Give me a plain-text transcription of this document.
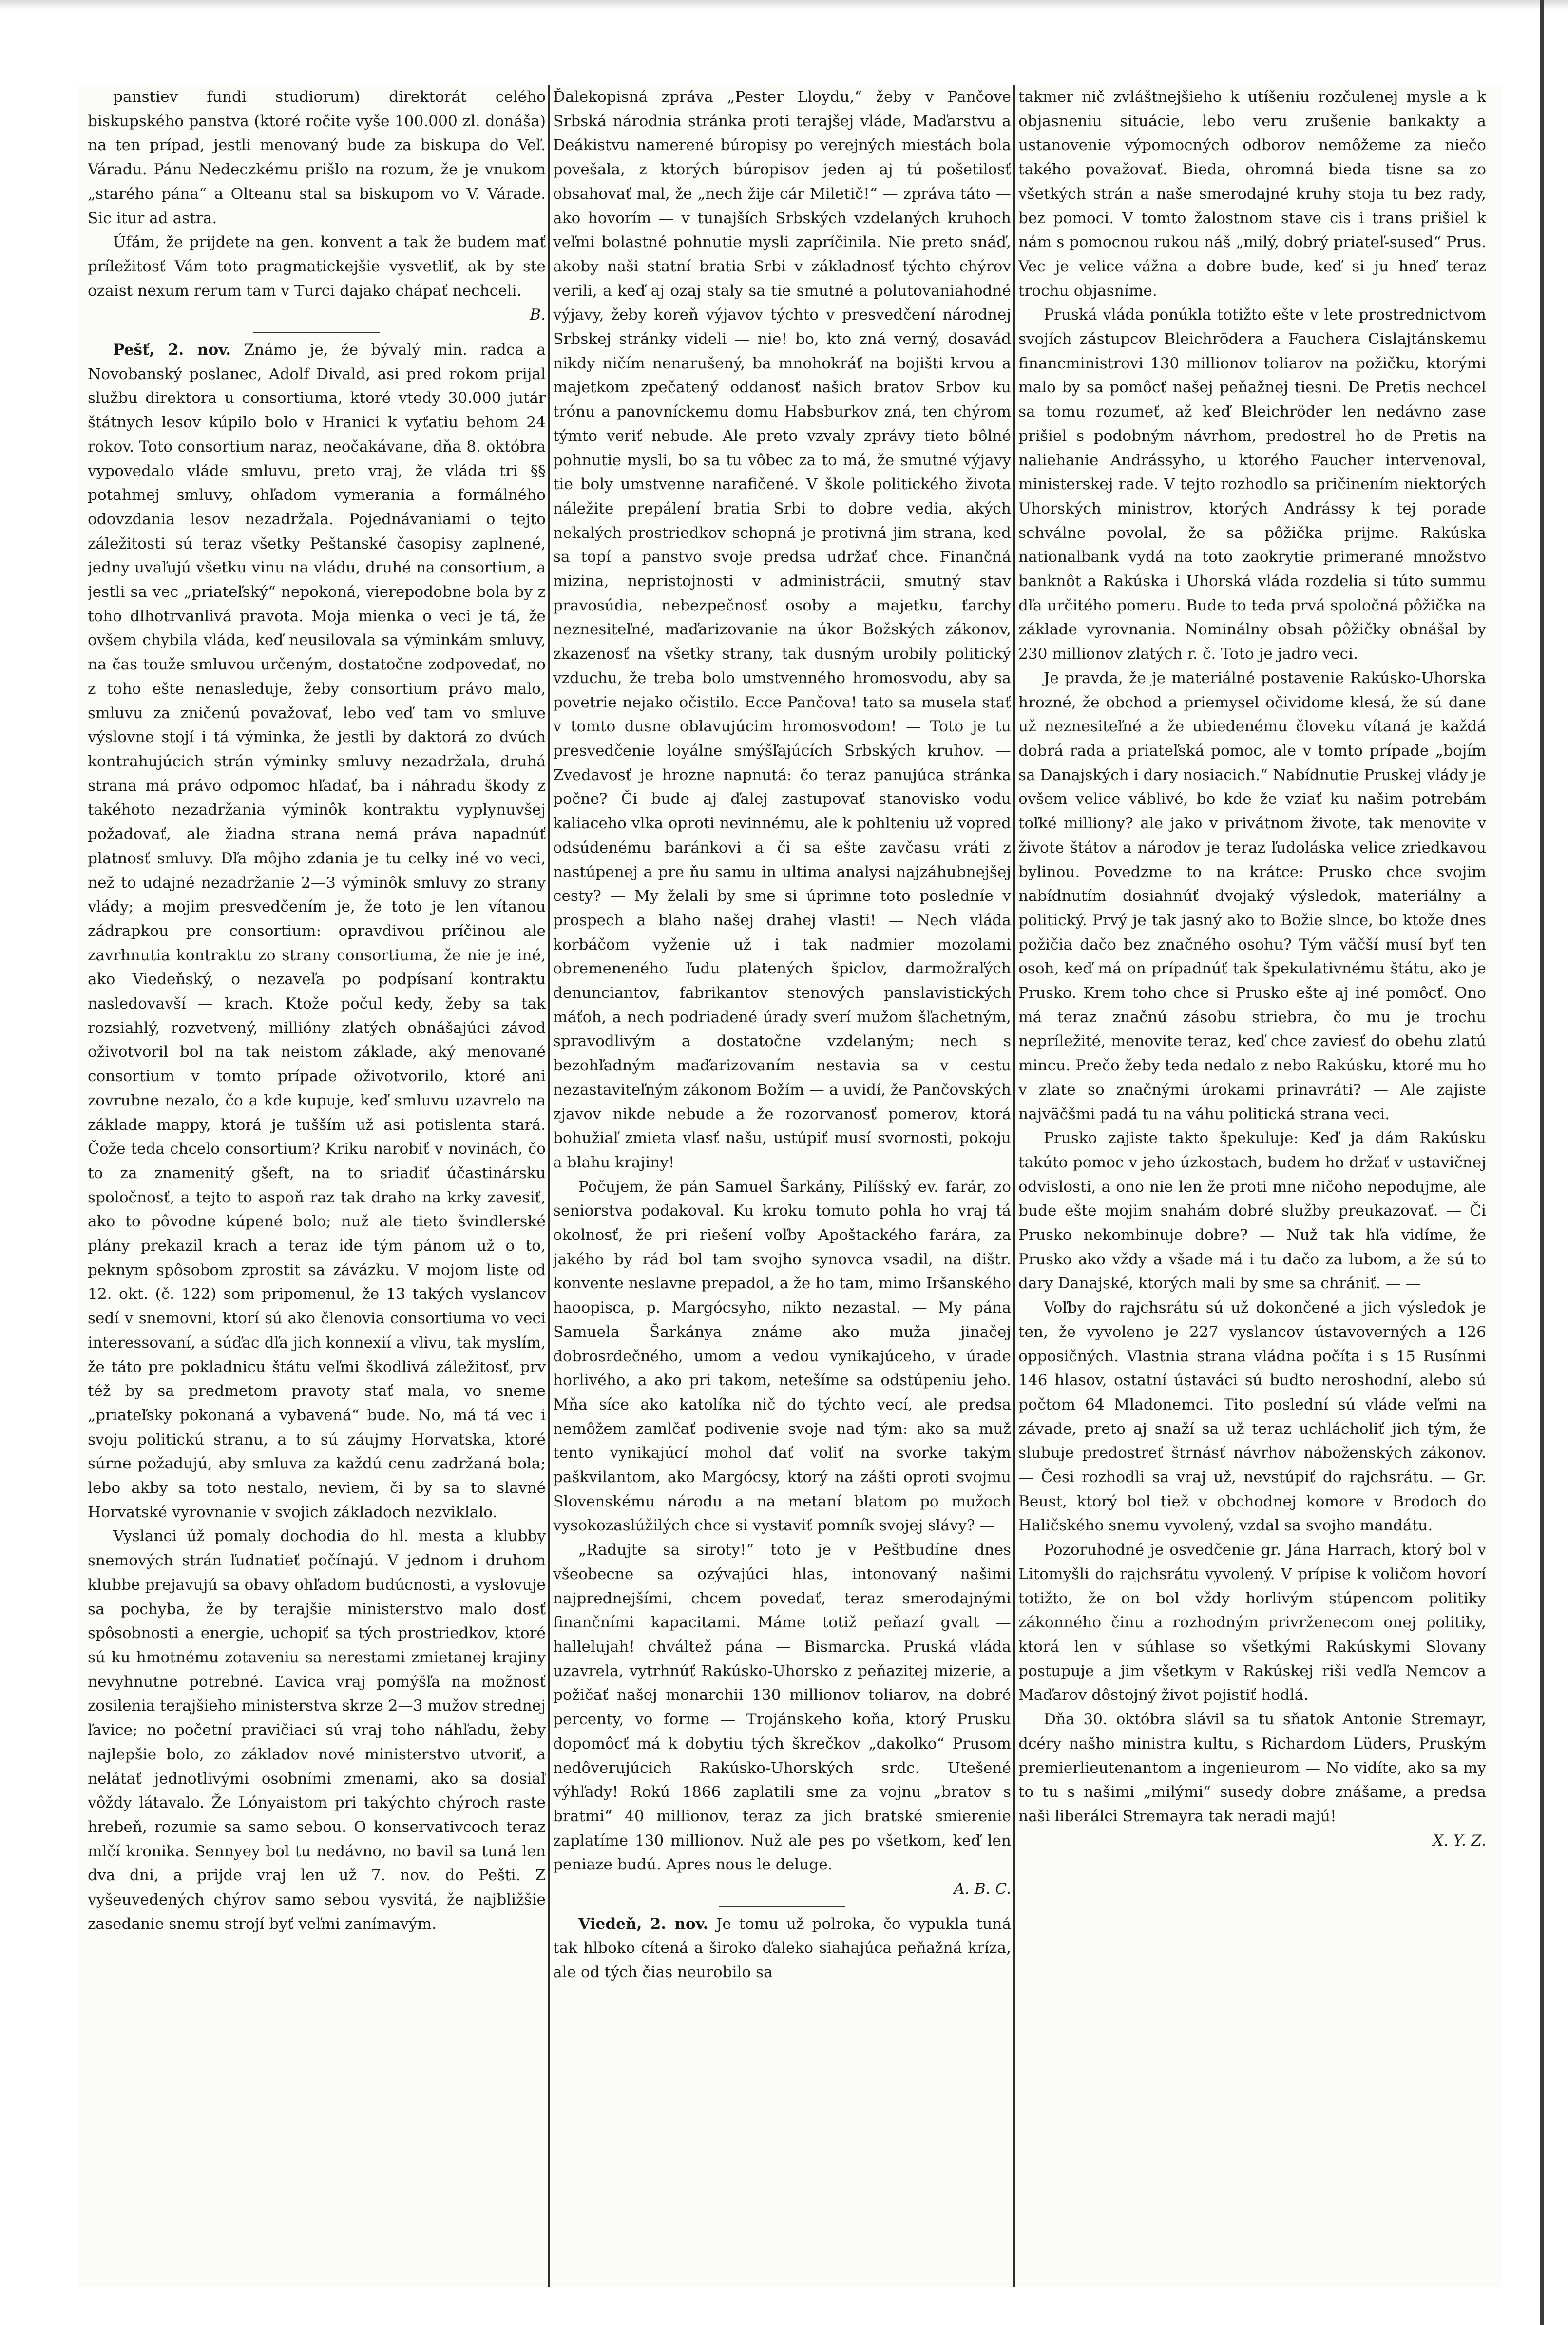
panstiev fundi studiorum) direktorát celého biskupského panstva (ktoré ročite vyše 100.000 zl. donáša) na ten prípad, jestli menovaný bude za biskupa do Veľ. Váradu. Pánu Nedeczkému prišlo na rozum, že je vnukom „starého pána“ a Olteanu stal sa biskupom vo V. Várade. Sic itur ad astra.

Úfám, že prijdete na gen. konvent a tak že budem mať príležitosť Vám toto pragmatickejšie vysvetliť, ak by ste ozaist nexum rerum tam v Turci dajako chápať nechceli.

B.

Pešť, 2. nov. Známo je, že bývalý min. radca a Novobanský poslanec, Adolf Divald, asi pred rokom prijal službu direktora u consortiuma, ktoré vtedy 30.000 jutár štátnych lesov kúpilo bolo v Hranici k vyťatiu behom 24 rokov. Toto consortium naraz, neočakávane, dňa 8. októbra vypovedalo vláde smluvu, preto vraj, že vláda tri §§ potahmej smluvy, ohľadom vymerania a formálného odovzdania lesov nezadržala. Pojednávaniami o tejto záležitosti sú teraz všetky Peštanské časopisy zaplnené, jedny uvaľujú všetku vinu na vládu, druhé na consortium, a jestli sa vec „priateľský“ nepokoná, vierepodobne bola by z toho dlhotrvanlivá pravota. Moja mienka o veci je tá, že ovšem chybila vláda, keď neusilovala sa výminkám smluvy, na čas touže smluvou určeným, dostatočne zodpovedať, no z toho ešte nenasleduje, žeby consortium právo malo, smluvu za zničenú považovať, lebo veď tam vo smluve výslovne stojí i tá výminka, že jestli by daktorá zo dvúch kontrahujúcich strán výminky smluvy nezadržala, druhá strana má právo odpomoc hľadať, ba i náhradu škody z takéhoto nezadržania výminôk kontraktu vyplynuvšej požadovať, ale žiadna strana nemá práva napadnúť platnosť smluvy. Dľa môjho zdania je tu celky iné vo veci, než to udajné nezadržanie 2—3 výminôk smluvy zo strany vlády; a mojim presvedčením je, že toto je len vítanou zádrapkou pre consortium: opravdivou príčinou ale zavrhnutia kontraktu zo strany consortiuma, že nie je iné, ako Viedeňský, o nezaveľa po podpísaní kontraktu nasledovavší — krach. Ktože počul kedy, žeby sa tak rozsiahlý, rozvetvený, millióny zlatých obnášajúci závod oživotvoril bol na tak neistom základe, aký menované consortium v tomto prípade oživotvorilo, ktoré ani zovrubne nezalo, čo a kde kupuje, keď smluvu uzavrelo na základe mappy, ktorá je tušším už asi potislenta stará. Čože teda chcelo consortium? Kriku narobiť v novinách, čo to za znamenitý gšeft, na to sriadiť účastinársku spoločnosť, a tejto to aspoň raz tak draho na krky zavesiť, ako to pôvodne kúpené bolo; nuž ale tieto švindlerské plány prekazil krach a teraz ide tým pánom už o to, peknym spôsobom zprostit sa závázku. V mojom liste od 12. okt. (č. 122) som pripomenul, že 13 takých vyslancov sedí v snemovni, ktorí sú ako členovia consortiuma vo veci interessovaní, a súďac dľa jich konnexií a vlivu, tak myslím, že táto pre pokladnicu štátu veľmi škodlivá záležitosť, prv též by sa predmetom pravoty stať mala, vo sneme „priateľsky pokonaná a vybavená“ bude. No, má tá vec i svoju politickú stranu, a to sú záujmy Horvatska, ktoré súrne požadujú, aby smluva za každú cenu zadržaná bola; lebo akby sa toto nestalo, neviem, či by sa to slavné Horvatské vyrovnanie v svojich základoch nezviklalo.

Vyslanci úž pomaly dochodia do hl. mesta a klubby snemových strán ľudnatieť počínajú. V jednom i druhom klubbe prejavujú sa obavy ohľadom budúcnosti, a vyslovuje sa pochyba, že by terajšie ministerstvo malo dosť spôsobnosti a energie, uchopiť sa tých prostriedkov, ktoré sú ku hmotnému zotaveniu sa nerestami zmietanej krajiny nevyhnutne potrebné. Ľavica vraj pomýšľa na možnosť zosilenia terajšieho ministerstva skrze 2—3 mužov strednej ľavice; no početní pravičiaci sú vraj toho náhľadu, žeby najlepšie bolo, zo základov nové ministerstvo utvoriť, a nelátať jednotlivými osobními zmenami, ako sa dosiaľ vôždy látavalo. Že Lónyaistom pri takýchto chýroch raste hrebeň, rozumie sa samo sebou. O konservativcoch teraz mlčí kronika. Sennyey bol tu nedávno, no bavil sa tuná len dva dni, a prijde vraj len už 7. nov. do Pešti. Z vyšeuvedených chýrov samo sebou vysvitá, že najbližšie zasedanie snemu strojí byť veľmi zanímavým.

Ďalekopisná zpráva „Pester Lloydu,“ žeby v Pančove Srbská národnia stránka proti terajšej vláde, Maďarstvu a Deákistvu namerené búropisy po verejných miestách bola povešala, z ktorých búropisov jeden aj tú pošetilosť obsahovať mal, že „nech žije cár Miletič!“ — zpráva táto — ako hovorím — v tunajších Srbských vzdelaných kruhoch veľmi bolastné pohnutie mysli zapríčinila. Nie preto snáď, akoby naši statní bratia Srbi v základnosť týchto chýrov verili, a keď aj ozaj staly sa tie smutné a polutovaniahodné výjavy, žeby koreň výjavov týchto v presvedčení národnej Srbskej stránky videli — nie! bo, kto zná verný, dosavád nikdy ničím nenarušený, ba mnohokráť na bojišti krvou a majetkom zpečatený oddanosť našich bratov Srbov ku trónu a panovníckemu domu Habsburkov zná, ten chýrom týmto veriť nebude. Ale preto vzvaly zprávy tieto bôlné pohnutie mysli, bo sa tu vôbec za to má, že smutné výjavy tie boly umstvenne narafičené. V škole politického života náležite prepálení bratia Srbi to dobre vedia, akých nekalých prostriedkov schopná je protivná jim strana, keď sa topí a panstvo svoje predsa udržať chce. Finančná mizina, nepristojnosti v administrácii, smutný stav pravosúdia, nebezpečnosť osoby a majetku, ťarchy neznesiteľné, maďarizovanie na úkor Božských zákonov, zkazenosť na všetky strany, tak dusným urobily politický vzduchu, že treba bolo umstvenného hromosvodu, aby sa povetrie nejako očistilo. Ecce Pančova! tato sa musela stať v tomto dusne oblavujúcim hromosvodom! — Toto je tu presvedčenie loyálne smýšľajúcích Srbských kruhov. — Zvedavosť je hrozne napnutá: čo teraz panujúca stránka počne? Či bude aj ďalej zastupovať stanovisko vodu kaliaceho vlka oproti nevinnému, ale k pohlteniu už vopred odsúdenému baránkovi a či sa ešte zavčasu vráti z nastúpenej a pre ňu samu in ultima analysi najzáhubnejšej cesty? — My želali by sme si úprimne toto posledníe v prospech a blaho našej drahej vlasti! — Nech vláda korbáčom vyženie už i tak nadmier mozolami obremeneného ľudu platených špiclov, darmožraľých denunciantov, fabrikantov stenových panslavistických máťoh, a nech podriadené úrady sverí mužom šľachetným, spravodlivým a dostatočne vzdelaným; nech s bezohľadným maďarizovaním nestavia sa v cestu nezastaviteľným zákonom Božím — a uvidí, že Pančovských zjavov nikde nebude a že rozorvanosť pomerov, ktorá bohužiaľ zmieta vlasť našu, ustúpiť musí svornosti, pokoju a blahu krajiny!

Počujem, že pán Samuel Šarkány, Pilíšský ev. farár, zo seniorstva podakoval. Ku kroku tomuto pohla ho vraj tá okolnosť, že pri riešení voľby Apoštackého farára, za jakého by rád bol tam svojho synovca vsadil, na dištr. konvente neslavne prepadol, a že ho tam, mimo Iršanského haoopisca, p. Margócsyho, nikto nezastal. — My pána Samuela Šarkánya známe ako muža jinačej dobrosrdečného, umom a vedou vynikajúceho, v úrade horlivého, a ako pri takom, netešíme sa odstúpeniu jeho. Mňa síce ako katolíka nič do týchto vecí, ale predsa nemôžem zamlčať podivenie svoje nad tým: ako sa muž tento vynikajúcí mohol dať voliť na svorke takým paškvilantom, ako Margócsy, ktorý na zášti oproti svojmu Slovenskému národu a na metaní blatom po mužoch vysokozaslúžilých chce si vystaviť pomník svojej slávy? —

„Radujte sa siroty!“ toto je v Peštbudíne dnes všeobecne sa ozývajúci hlas, intonovaný našimi najprednejšími, chcem povedať, teraz smerodajnými finančními kapacitami. Máme totiž peňazí gvalt — hallelujah! chváltež pána — Bismarcka. Pruská vláda uzavrela, vytrhnúť Rakúsko-Uhorsko z peňazitej mizerie, a požičať našej monarchii 130 millionov toliarov, na dobré percenty, vo forme — Trojánskeho koňa, ktorý Prusku dopomôcť má k dobytiu tých škrečkov „dakolko“ Prusom nedôverujúcich Rakúsko-Uhorských srdc. Utešené výhľady! Rokú 1866 zaplatili sme za vojnu „bratov s bratmi“ 40 millionov, teraz za jich bratské smierenie zaplatíme 130 millionov. Nuž ale pes po všetkom, keď len peniaze budú. Apres nous le deluge.

A. B. C.

Viedeň, 2. nov. Je tomu už polroka, čo vypukla tuná tak hlboko cítená a široko ďaleko siahajúca peňažná kríza, ale od tých čias neurobilo sa

takmer nič zvláštnejšieho k utíšeniu rozčulenej mysle a k objasneniu situácie, lebo veru zrušenie bankakty a ustanovenie výpomocných odborov nemôžeme za niečo takého považovať. Bieda, ohromná bieda tisne sa zo všetkých strán a naše smerodajné kruhy stoja tu bez rady, bez pomoci. V tomto žalostnom stave cis i trans prišiel k nám s pomocnou rukou náš „milý, dobrý priateľ-sused“ Prus. Vec je velice vážna a dobre bude, keď si ju hneď teraz trochu objasníme.

Pruská vláda ponúkla totižto ešte v lete prostrednictvom svojích zástupcov Bleichrödera a Fauchera Cislajtánskemu financministrovi 130 millionov toliarov na požičku, ktorými malo by sa pomôcť našej peňažnej tiesni. De Pretis nechcel sa tomu rozumeť, až keď Bleichröder len nedávno zase prišiel s podobným návrhom, predostrel ho de Pretis na naliehanie Andrássyho, u ktorého Faucher intervenoval, ministerskej rade. V tejto rozhodlo sa pričinením niektorých Uhorských ministrov, ktorých Andrássy k tej porade schválne povolal, že sa pôžička prijme. Rakúska nationalbank vydá na toto zaokrytie primerané množstvo banknôt a Rakúska i Uhorská vláda rozdelia si túto summu dľa určitého pomeru. Bude to teda prvá spoločná pôžička na základe vyrovnania. Nominálny obsah pôžičky obnášal by 230 millionov zlatých r. č. Toto je jadro veci.

Je pravda, že je materiálné postavenie Rakúsko-Uhorska hrozné, že obchod a priemysel očividome klesá, že sú dane už neznesiteľné a že ubiedenému človeku vítaná je každá dobrá rada a priateľská pomoc, ale v tomto prípade „bojím sa Danajských i dary nosiacich.“ Nabídnutie Pruskej vlády je ovšem velice váblivé, bo kde že vziať ku našim potrebám toľké milliony? ale jako v privátnom živote, tak menovite v živote štátov a národov je teraz ľudoláska velice zriedkavou bylinou. Povedzme to na krátce: Prusko chce svojim nabídnutím dosiahnúť dvojaký výsledok, materiálny a politický. Prvý je tak jasný ako to Božie slnce, bo ktože dnes požičia dačo bez značného osohu? Tým väčší musí byť ten osoh, keď má on prípadnúť tak špekulativnému štátu, ako je Prusko. Krem toho chce si Prusko ešte aj iné pomôcť. Ono má teraz značnú zásobu striebra, čo mu je trochu nepríležité, menovite teraz, keď chce zaviesť do obehu zlatú mincu. Prečo žeby teda nedalo z nebo Rakúsku, ktoré mu ho v zlate so značnými úrokami prinavráti? — Ale zajiste najväčšmi padá tu na váhu politická strana veci.

Prusko zajiste takto špekuluje: Keď ja dám Rakúsku takúto pomoc v jeho úzkostach, budem ho držať v ustavičnej odvislosti, a ono nie len že proti mne ničoho nepodujme, ale bude ešte mojim snahám dobré služby preukazovať. — Či Prusko nekombinuje dobre? — Nuž tak hľa vidíme, že Prusko ako vždy a všade má i tu dačo za lubom, a že sú to dary Danajské, ktorých mali by sme sa chrániť. — —

Voľby do rajchsrátu sú už dokončené a jich výsledok je ten, že vyvoleno je 227 vyslancov ústavoverných a 126 opposičných. Vlastnia strana vládna počíta i s 15 Rusínmi 146 hlasov, ostatní ústaváci sú budto neroshodní, alebo sú počtom 64 Mladonemci. Tito poslední sú vláde veľmi na závade, preto aj snaží sa už teraz uchlácholiť jich tým, že slubuje predostreť štrnásť návrhov náboženských zákonov. — Česi rozhodli sa vraj už, nevstúpiť do rajchsrátu. — Gr. Beust, ktorý bol tiež v obchodnej komore v Brodoch do Haličského snemu vyvolený, vzdal sa svojho mandátu.

Pozoruhodné je osvedčenie gr. Jána Harrach, ktorý bol v Litomyšli do rajchsrátu vyvolený. V prípise k voličom hovorí totižto, že on bol vždy horlivým stúpencom politiky zákonného činu a rozhodným privrženecom onej politiky, ktorá len v súhlase so všetkými Rakúskymi Slovany postupuje a jim všetkym v Rakúskej riši vedľa Nemcov a Maďarov dôstojný život pojistiť hodlá.

Dňa 30. októbra slávil sa tu sňatok Antonie Stremayr, dcéry našho ministra kultu, s Richardom Lüders, Pruským premierlieutenantom a ingenieurom — No vidíte, ako sa my to tu s našimi „milými“ susedy dobre znášame, a predsa naši liberálci Stremayra tak neradi majú!

X. Y. Z.
